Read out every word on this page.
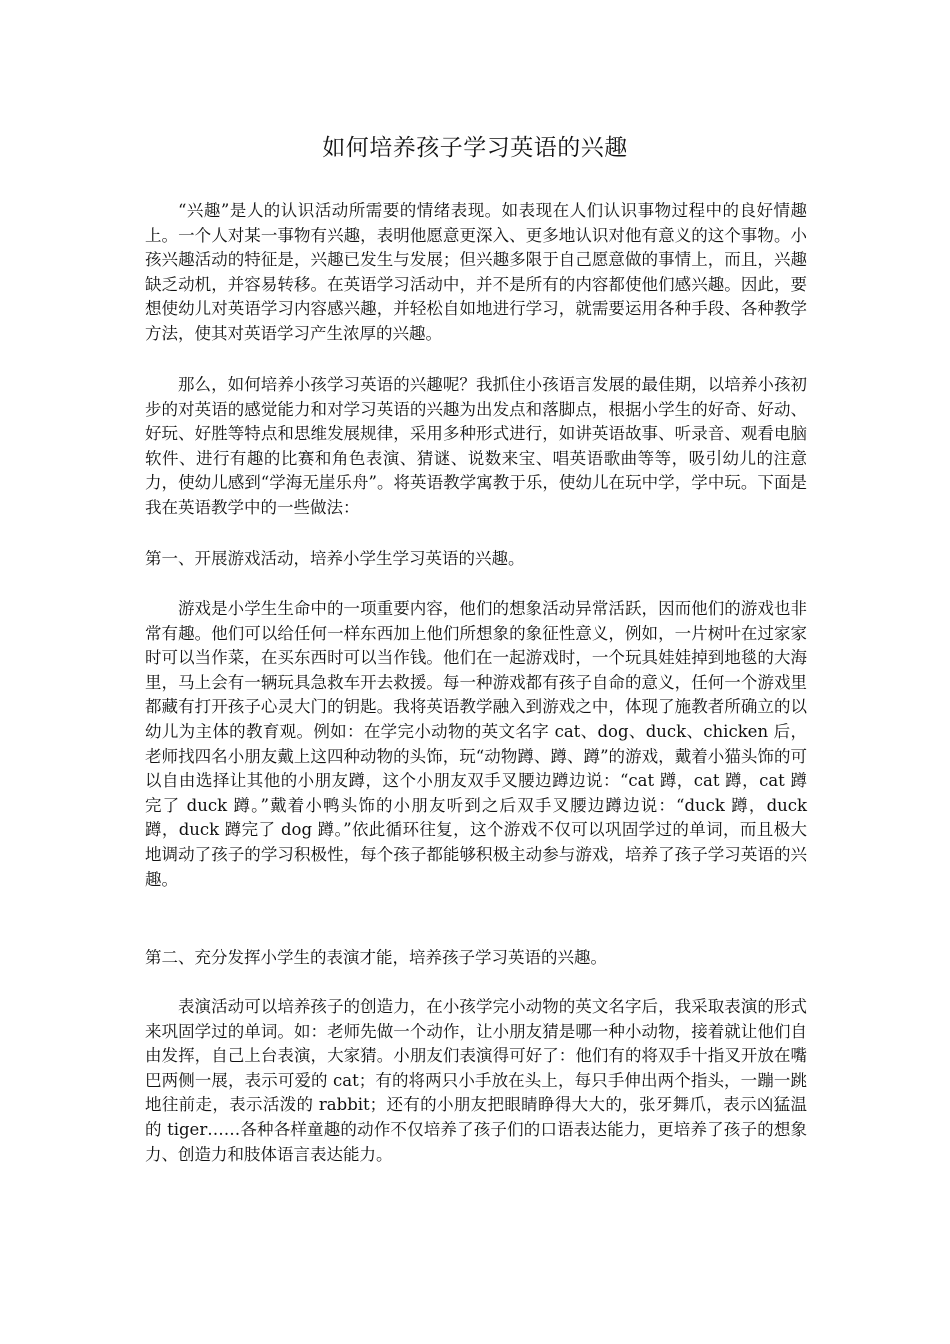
如何培养孩子学习英语的兴趣

“兴趣”是人的认识活动所需要的情绪表现。如表现在人们认识事物过程中的良好情趣上。一个人对某一事物有兴趣，表明他愿意更深入、更多地认识对他有意义的这个事物。小孩兴趣活动的特征是，兴趣已发生与发展；但兴趣多限于自己愿意做的事情上，而且，兴趣缺乏动机，并容易转移。在英语学习活动中，并不是所有的内容都使他们感兴趣。因此，要想使幼儿对英语学习内容感兴趣，并轻松自如地进行学习，就需要运用各种手段、各种教学方法，使其对英语学习产生浓厚的兴趣。

那么，如何培养小孩学习英语的兴趣呢？我抓住小孩语言发展的最佳期，以培养小孩初步的对英语的感觉能力和对学习英语的兴趣为出发点和落脚点，根据小学生的好奇、好动、好玩、好胜等特点和思维发展规律，采用多种形式进行，如讲英语故事、听录音、观看电脑软件、进行有趣的比赛和角色表演、猜谜、说数来宝、唱英语歌曲等等，吸引幼儿的注意力，使幼儿感到“学海无崖乐舟”。将英语教学寓教于乐，使幼儿在玩中学，学中玩。下面是我在英语教学中的一些做法：

第一、开展游戏活动，培养小学生学习英语的兴趣。

游戏是小学生生命中的一项重要内容，他们的想象活动异常活跃，因而他们的游戏也非常有趣。他们可以给任何一样东西加上他们所想象的象征性意义，例如，一片树叶在过家家时可以当作菜，在买东西时可以当作钱。他们在一起游戏时，一个玩具娃娃掉到地毯的大海里，马上会有一辆玩具急救车开去救援。每一种游戏都有孩子自命的意义，任何一个游戏里都藏有打开孩子心灵大门的钥匙。我将英语教学融入到游戏之中，体现了施教者所确立的以幼儿为主体的教育观。例如：在学完小动物的英文名字 cat、dog、duck、chicken 后，老师找四名小朋友戴上这四种动物的头饰，玩“动物蹲、蹲、蹲”的游戏，戴着小猫头饰的可以自由选择让其他的小朋友蹲，这个小朋友双手叉腰边蹲边说：“cat 蹲，cat 蹲，cat 蹲完了 duck 蹲。”戴着小鸭头饰的小朋友听到之后双手叉腰边蹲边说：“duck 蹲，duck 蹲，duck 蹲完了 dog 蹲。”依此循环往复，这个游戏不仅可以巩固学过的单词，而且极大地调动了孩子的学习积极性，每个孩子都能够积极主动参与游戏，培养了孩子学习英语的兴趣。

第二、充分发挥小学生的表演才能，培养孩子学习英语的兴趣。

表演活动可以培养孩子的创造力，在小孩学完小动物的英文名字后，我采取表演的形式来巩固学过的单词。如：老师先做一个动作，让小朋友猜是哪一种小动物，接着就让他们自由发挥，自己上台表演，大家猜。小朋友们表演得可好了：他们有的将双手十指叉开放在嘴巴两侧一展，表示可爱的 cat；有的将两只小手放在头上，每只手伸出两个指头，一蹦一跳地往前走，表示活泼的 rabbit；还有的小朋友把眼睛睁得大大的，张牙舞爪，表示凶猛温的 tiger……各种各样童趣的动作不仅培养了孩子们的口语表达能力，更培养了孩子的想象力、创造力和肢体语言表达能力。
